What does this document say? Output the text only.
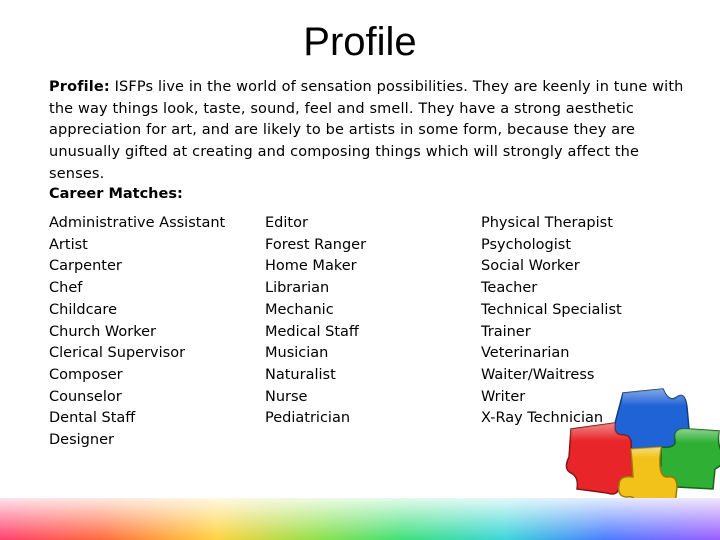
Profile
Profile: ISFPs live in the world of sensation possibilities. They are keenly in tune with the way things look, taste, sound, feel and smell. They have a strong aesthetic appreciation for art, and are likely to be artists in some form, because they are unusually gifted at creating and composing things which will strongly affect the senses.
Career Matches:
Administrative Assistant
Artist
Carpenter
Chef
Childcare
Church Worker
Clerical Supervisor
Composer
Counselor
Dental Staff
Designer
Editor
Forest Ranger
Home Maker
Librarian
Mechanic
Medical Staff
Musician
Naturalist
Nurse
Pediatrician
Physical Therapist
Psychologist
Social Worker
Teacher
Technical Specialist
Trainer
Veterinarian
Waiter/Waitress
Writer
X-Ray Technician
